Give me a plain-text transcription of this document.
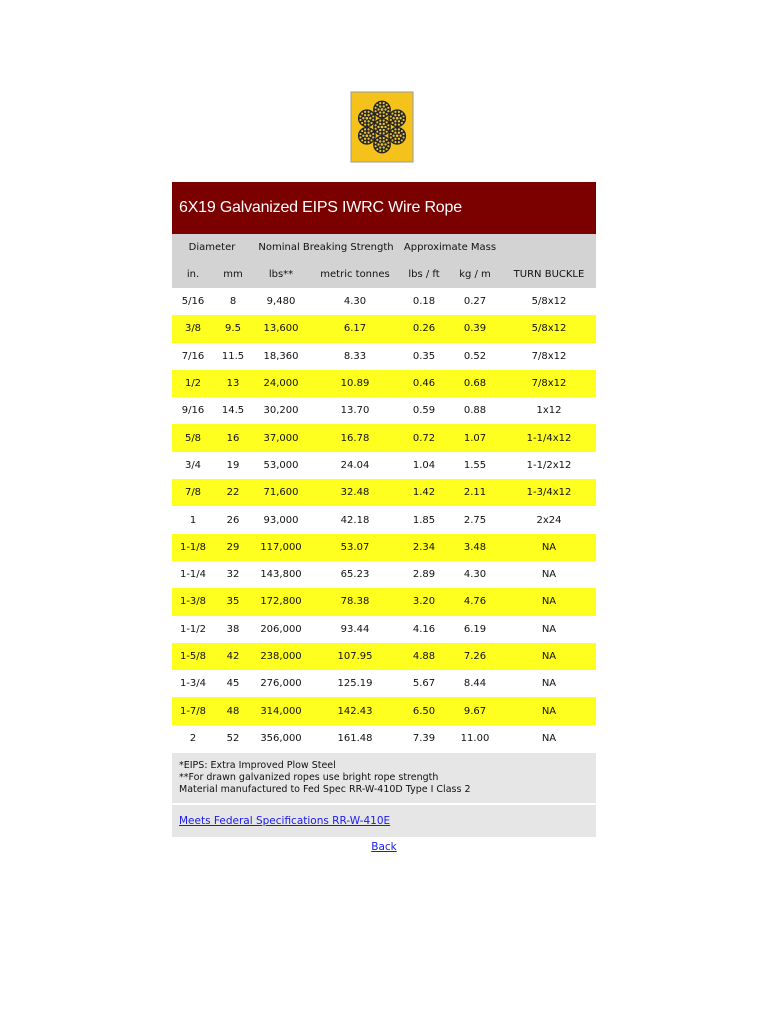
6X19 Galvanized EIPS IWRC Wire Rope
Diameter	Nominal Breaking Strength	Approximate Mass
in.	mm	lbs**	metric tonnes	lbs / ft	kg / m	TURN BUCKLE
5/16	8	9,480	4.30	0.18	0.27	5/8x12
3/8	9.5	13,600	6.17	0.26	0.39	5/8x12
7/16	11.5	18,360	8.33	0.35	0.52	7/8x12
1/2	13	24,000	10.89	0.46	0.68	7/8x12
9/16	14.5	30,200	13.70	0.59	0.88	1x12
5/8	16	37,000	16.78	0.72	1.07	1-1/4x12
3/4	19	53,000	24.04	1.04	1.55	1-1/2x12
7/8	22	71,600	32.48	1.42	2.11	1-3/4x12
1	26	93,000	42.18	1.85	2.75	2x24
1-1/8	29	117,000	53.07	2.34	3.48	NA
1-1/4	32	143,800	65.23	2.89	4.30	NA
1-3/8	35	172,800	78.38	3.20	4.76	NA
1-1/2	38	206,000	93.44	4.16	6.19	NA
1-5/8	42	238,000	107.95	4.88	7.26	NA
1-3/4	45	276,000	125.19	5.67	8.44	NA
1-7/8	48	314,000	142.43	6.50	9.67	NA
2	52	356,000	161.48	7.39	11.00	NA
*EIPS: Extra Improved Plow Steel
**For drawn galvanized ropes use bright rope strength
Material manufactured to Fed Spec RR-W-410D Type I Class 2
Meets Federal Specifications RR-W-410E
Back
